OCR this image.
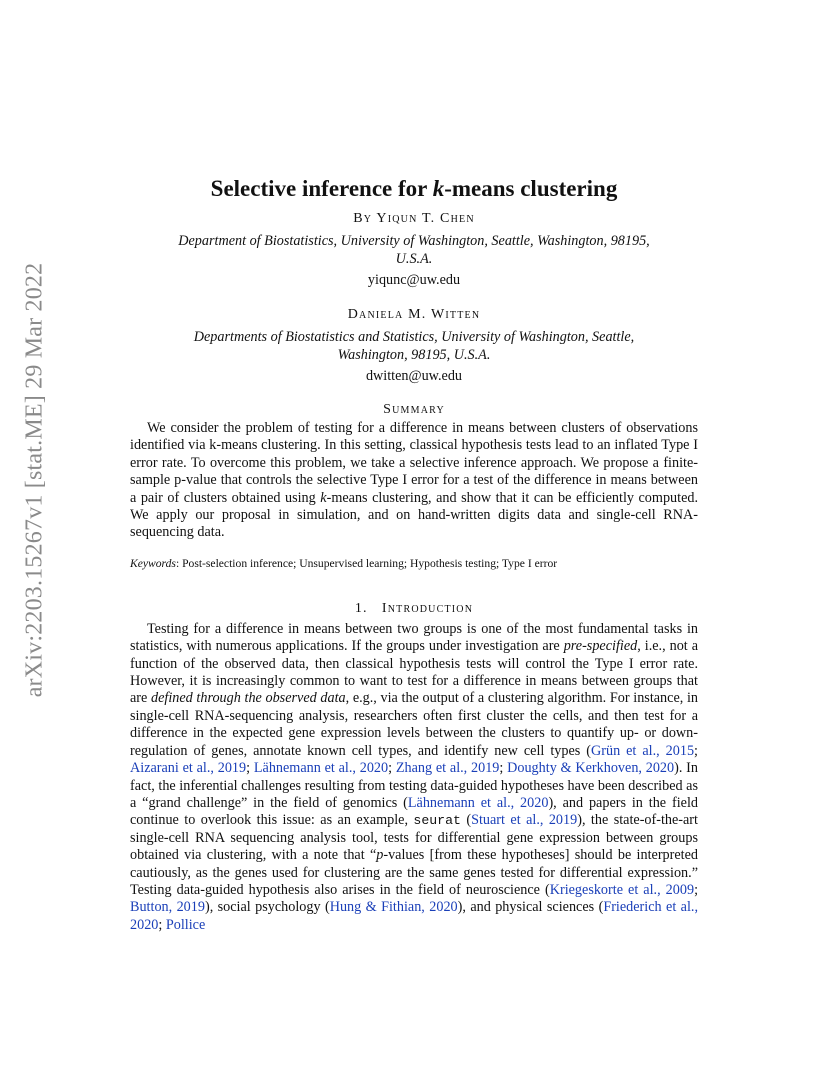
arXiv:2203.15267v1 [stat.ME] 29 Mar 2022
Selective inference for k-means clustering
By Yiqun T. Chen
Department of Biostatistics, University of Washington, Seattle, Washington, 98195,
U.S.A.
yiqunc@uw.edu
Daniela M. Witten
Departments of Biostatistics and Statistics, University of Washington, Seattle,
Washington, 98195, U.S.A.
dwitten@uw.edu
Summary

We consider the problem of testing for a difference in means between clusters of observations identified via k-means clustering. In this setting, classical hypothesis tests lead to an inflated Type I error rate. To overcome this problem, we take a selective inference approach. We propose a finite-sample p-value that controls the selective Type I error for a test of the difference in means between a pair of clusters obtained using k-means clustering, and show that it can be efficiently computed. We apply our proposal in simulation, and on hand-written digits data and single-cell RNA-sequencing data.

Keywords: Post-selection inference; Unsupervised learning; Hypothesis testing; Type I error
1. Introduction

Testing for a difference in means between two groups is one of the most fundamental tasks in statistics, with numerous applications. If the groups under investigation are pre-specified, i.e., not a function of the observed data, then classical hypothesis tests will control the Type I error rate. However, it is increasingly common to want to test for a difference in means between groups that are defined through the observed data, e.g., via the output of a clustering algorithm. For instance, in single-cell RNA-sequencing analysis, researchers often first cluster the cells, and then test for a difference in the expected gene expression levels between the clusters to quantify up- or down-regulation of genes, annotate known cell types, and identify new cell types (Grün et al., 2015; Aizarani et al., 2019; Lähnemann et al., 2020; Zhang et al., 2019; Doughty & Kerkhoven, 2020). In fact, the inferential challenges resulting from testing data-guided hypotheses have been described as a “grand challenge” in the field of genomics (Lähnemann et al., 2020), and papers in the field continue to overlook this issue: as an example, seurat (Stuart et al., 2019), the state-of-the-art single-cell RNA sequencing analysis tool, tests for differential gene expression between groups obtained via clustering, with a note that “p-values [from these hypotheses] should be interpreted cautiously, as the genes used for clustering are the same genes tested for differential expression.” Testing data-guided hypothesis also arises in the field of neuroscience (Kriegeskorte et al., 2009; Button, 2019), social psychology (Hung & Fithian, 2020), and physical sciences (Friederich et al., 2020; Pollice
